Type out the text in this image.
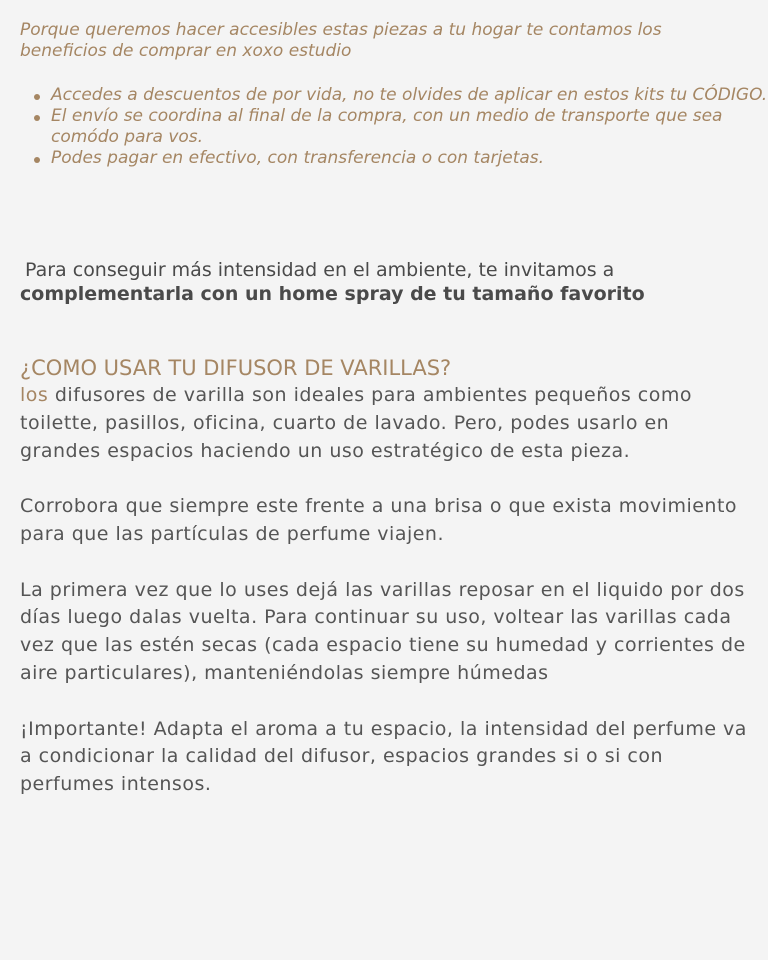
Porque queremos hacer accesibles estas piezas a tu hogar te contamos los beneficios de comprar en xoxo estudio

Accedes a descuentos de por vida, no te olvides de aplicar en estos kits tu CÓDIGO.
El envío se coordina al final de la compra, con un medio de transporte que sea comódo para vos.
Podes pagar en efectivo, con transferencia o con tarjetas.

Para conseguir más intensidad en el ambiente, te invitamos a
complementarla con un home spray de tu tamaño favorito

¿COMO USAR TU DIFUSOR DE VARILLAS?

los difusores de varilla son ideales para ambientes pequeños como toilette, pasillos, oficina, cuarto de lavado. Pero, podes usarlo en grandes espacios haciendo un uso estratégico de esta pieza.

Corrobora que siempre este frente a una brisa o que exista movimiento para que las partículas de perfume viajen.

La primera vez que lo uses dejá las varillas reposar en el liquido por dos días luego dalas vuelta. Para continuar su uso, voltear las varillas cada vez que las estén secas (cada espacio tiene su humedad y corrientes de aire particulares), manteniéndolas siempre húmedas

¡Importante! Adapta el aroma a tu espacio, la intensidad del perfume va a condicionar la calidad del difusor, espacios grandes si o si con perfumes intensos.
